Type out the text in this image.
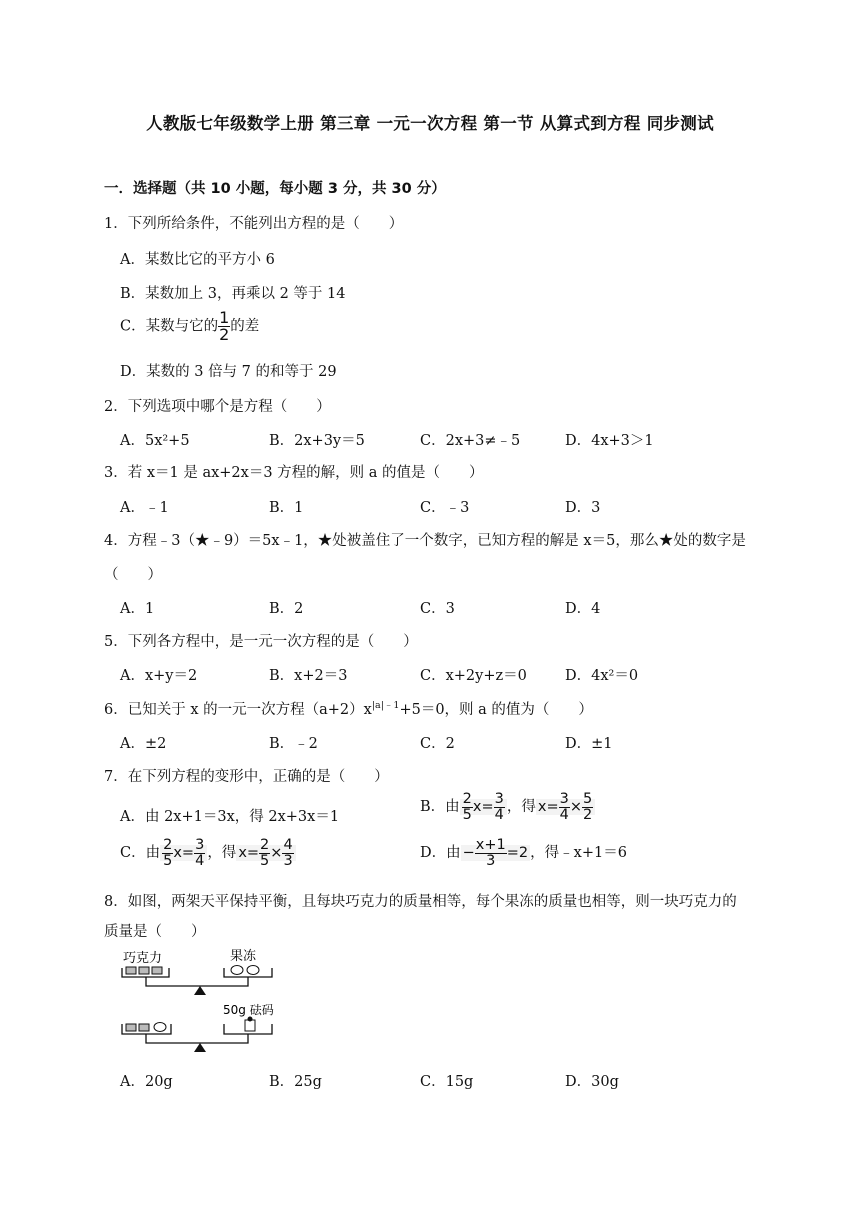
人教版七年级数学上册 第三章 一元一次方程 第一节 从算式到方程 同步测试
一．选择题（共 10 小题，每小题 3 分，共 30 分）
1．下列所给条件，不能列出方程的是（　　）
A．某数比它的平方小 6
B．某数加上 3，再乘以 2 等于 14
C．某数与它的 $\frac{1}{2}$ 的差
D．某数的 3 倍与 7 的和等于 29
2．下列选项中哪个是方程（　　）
A．5x²+5	B．2x+3y＝5	C．2x+3≠﹣5	D．4x+3＞1
3．若 x＝1 是 ax+2x＝3 方程的解，则 a 的值是（　　）
A．﹣1	B．1	C．﹣3	D．3
4．方程﹣3（★﹣9）＝5x﹣1，★处被盖住了一个数字，已知方程的解是 x＝5，那么★处的数字是
（　　）
A．1	B．2	C．3	D．4
5．下列各方程中，是一元一次方程的是（　　）
A．x+y＝2	B．x+2＝3	C．x+2y+z＝0	D．4x²＝0
6．已知关于 x 的一元一次方程$(a+2)x^{|a|﹣1}+5=0$，则 a 的值为（　　）
A．±2	B．﹣2	C．2	D．±1
7．在下列方程的变形中，正确的是（　　）
A．由 2x+1＝3x，得 2x+3x＝1
B．由 $\frac{2}{5} x= \frac{3}{4}$ ，得 $x= \frac{3}{4} \times \frac{5}{2}$
C．由 $\frac{2}{5} x= \frac{3}{4}$ ，得 $x= \frac{2}{5} \times \frac{4}{3}$	D．由 − $\frac{x+1}{3} =2$ ，得﹣x+1＝6
8．如图，两架天平保持平衡，且每块巧克力的质量相等，每个果冻的质量也相等，则一块巧克力的
质量是（　　）
巧克力	果冻
50g 砝码
A．20g	B．25g	C．15g	D．30g
